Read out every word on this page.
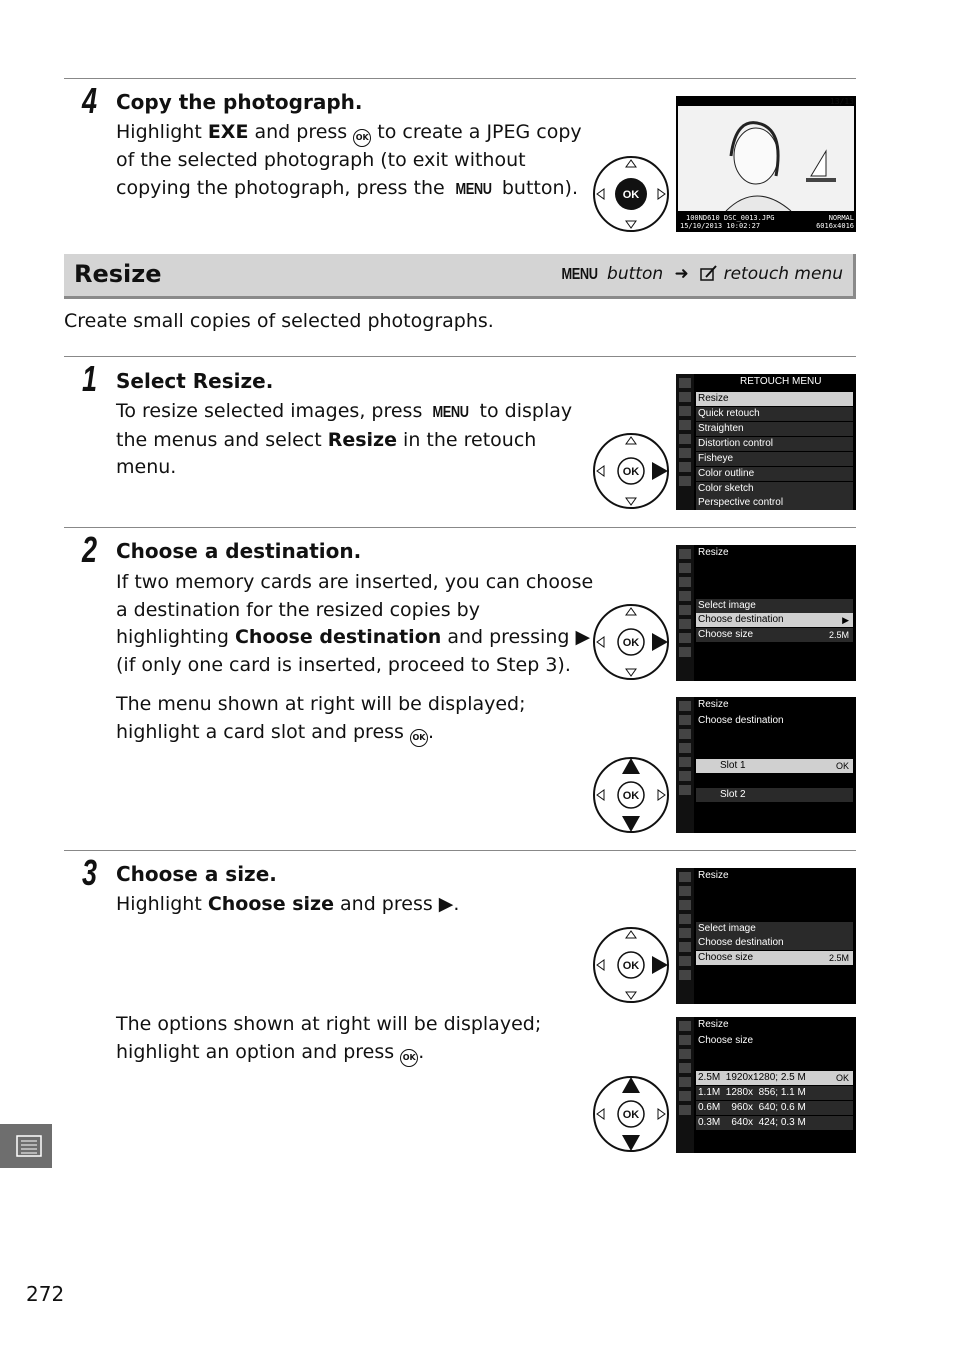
4 Copy the photograph.
Highlight EXE and press OK to create a JPEG copy
of the selected photograph (to exit without
copying the photograph, press the MENU button).	OK
13/13
100ND610 DSC_0013.JPG	NORMAL
15/10/2013 10:02:27	6016x4016
Resize	MENU button ➜  retouch menu
Create small copies of selected photographs.
1 Select Resize.
To resize selected images, press MENU to display
the menus and select Resize in the retouch
menu.	OK
RETOUCH MENU
Resize
Quick retouch
Straighten
Distortion control
Fisheye
Color outline
Color sketch
Perspective control
2 Choose a destination.
If two memory cards are inserted, you can choose
a destination for the resized copies by
highlighting Choose destination and pressing ▶
(if only one card is inserted, proceed to Step 3).
The menu shown at right will be displayed;
highlight a card slot and press OK .
OK
Resize
Select image
Choose destination	▶
Choose size	2.5M
OK
Resize
Choose destination
Slot 1	OK
Slot 2
3 Choose a size.
Highlight Choose size and press ▶.
The options shown at right will be displayed;
highlight an option and press OK .
OK
Resize
Select image
Choose destination
Choose size	2.5M
OK
Resize
Choose size
2.5M  1920x1280; 2.5 M	OK
1.1M  1280x  856; 1.1 M
0.6M    960x  640; 0.6 M
0.3M    640x  424; 0.3 M
272
